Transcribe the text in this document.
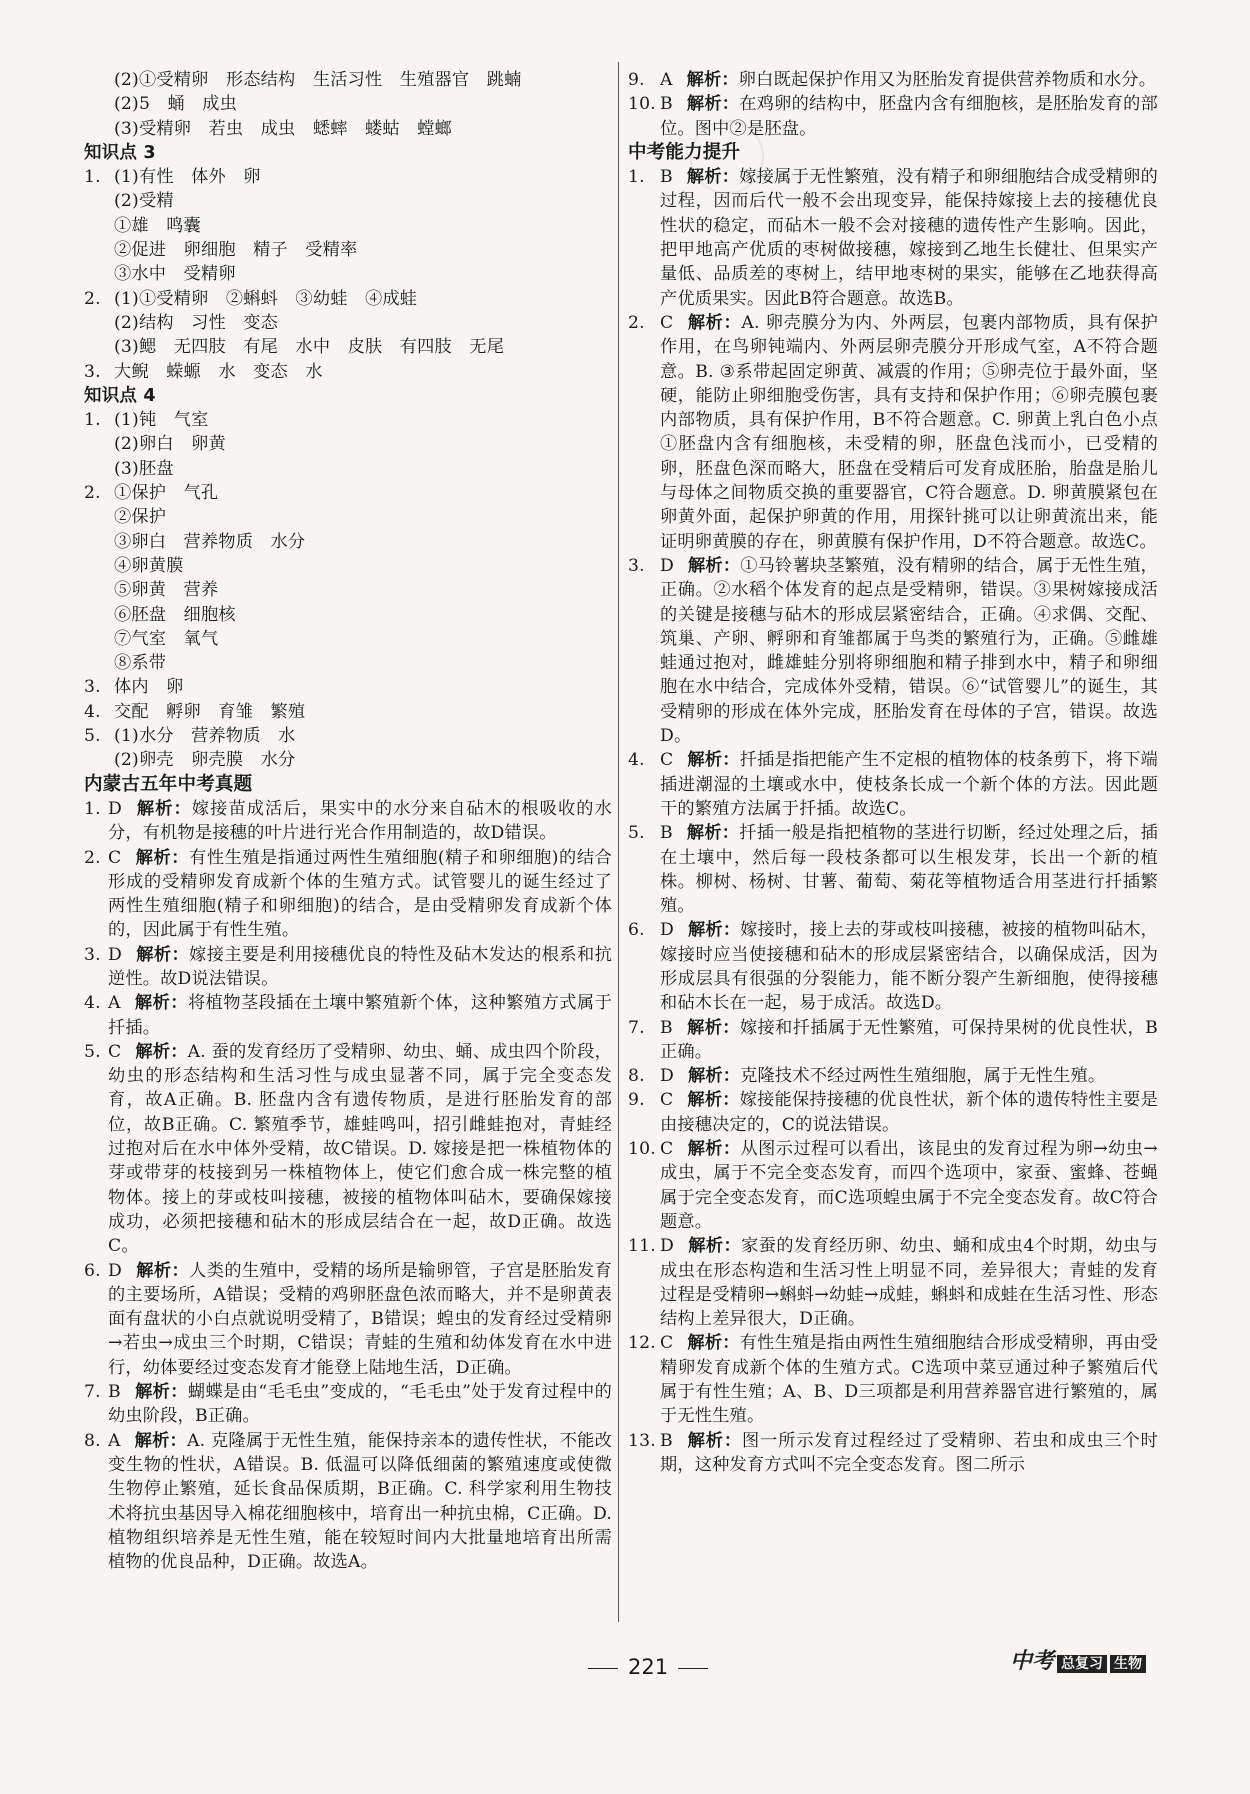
(2)①受精卵　形态结构　生活习性　生殖器官　跳蝻
(2)5　蛹　成虫
(3)受精卵　若虫　成虫　蟋蟀　蝼蛄　螳螂
知识点 3
1. (1)有性　体外　卵
(2)受精
①雄　鸣囊
②促进　卵细胞　精子　受精率
③水中　受精卵
2. (1)①受精卵　②蝌蚪　③幼蛙　④成蛙
(2)结构　习性　变态
(3)鳃　无四肢　有尾　水中　皮肤　有四肢　无尾
3. 大鲵　蝾螈　水　变态　水
知识点 4
1. (1)钝　气室
(2)卵白　卵黄
(3)胚盘
2. ①保护　气孔
②保护
③卵白　营养物质　水分
④卵黄膜
⑤卵黄　营养
⑥胚盘　细胞核
⑦气室　氧气
⑧系带
3. 体内　卵
4. 交配　孵卵　育雏　繁殖
5. (1)水分　营养物质　水
(2)卵壳　卵壳膜　水分
内蒙古五年中考真题
1. D 解析：嫁接苗成活后，果实中的水分来自砧木的根吸收的水分，有机物是接穗的叶片进行光合作用制造的，故D错误。
2. C 解析：有性生殖是指通过两性生殖细胞(精子和卵细胞)的结合形成的受精卵发育成新个体的生殖方式。试管婴儿的诞生经过了两性生殖细胞(精子和卵细胞)的结合，是由受精卵发育成新个体的，因此属于有性生殖。
3. D 解析：嫁接主要是利用接穗优良的特性及砧木发达的根系和抗逆性。故D说法错误。
4. A 解析：将植物茎段插在土壤中繁殖新个体，这种繁殖方式属于扦插。
5. C 解析：A. 蚕的发育经历了受精卵、幼虫、蛹、成虫四个阶段，幼虫的形态结构和生活习性与成虫显著不同，属于完全变态发育，故A正确。B. 胚盘内含有遗传物质，是进行胚胎发育的部位，故B正确。C. 繁殖季节，雄蛙鸣叫，招引雌蛙抱对，青蛙经过抱对后在水中体外受精，故C错误。D. 嫁接是把一株植物体的芽或带芽的枝接到另一株植物体上，使它们愈合成一株完整的植物体。接上的芽或枝叫接穗，被接的植物体叫砧木，要确保嫁接成功，必须把接穗和砧木的形成层结合在一起，故D正确。故选C。
6. D 解析：人类的生殖中，受精的场所是输卵管，子宫是胚胎发育的主要场所，A错误；受精的鸡卵胚盘色浓而略大，并不是卵黄表面有盘状的小白点就说明受精了，B错误；蝗虫的发育经过受精卵→若虫→成虫三个时期，C错误；青蛙的生殖和幼体发育在水中进行，幼体要经过变态发育才能登上陆地生活，D正确。
7. B 解析：蝴蝶是由“毛毛虫”变成的，“毛毛虫”处于发育过程中的幼虫阶段，B正确。
8. A 解析：A. 克隆属于无性生殖，能保持亲本的遗传性状，不能改变生物的性状，A错误。B. 低温可以降低细菌的繁殖速度或使微生物停止繁殖，延长食品保质期，B正确。C. 科学家利用生物技术将抗虫基因导入棉花细胞核中，培育出一种抗虫棉，C正确。D. 植物组织培养是无性生殖，能在较短时间内大批量地培育出所需植物的优良品种，D正确。故选A。
9. A 解析：卵白既起保护作用又为胚胎发育提供营养物质和水分。
10. B 解析：在鸡卵的结构中，胚盘内含有细胞核，是胚胎发育的部位。图中②是胚盘。
中考能力提升
1. B 解析：嫁接属于无性繁殖，没有精子和卵细胞结合成受精卵的过程，因而后代一般不会出现变异，能保持嫁接上去的接穗优良性状的稳定，而砧木一般不会对接穗的遗传性产生影响。因此，把甲地高产优质的枣树做接穗，嫁接到乙地生长健壮、但果实产量低、品质差的枣树上，结甲地枣树的果实，能够在乙地获得高产优质果实。因此B符合题意。故选B。
2. C 解析：A. 卵壳膜分为内、外两层，包裹内部物质，具有保护作用，在鸟卵钝端内、外两层卵壳膜分开形成气室，A不符合题意。B. ③系带起固定卵黄、减震的作用；⑤卵壳位于最外面，坚硬，能防止卵细胞受伤害，具有支持和保护作用；⑥卵壳膜包裹内部物质，具有保护作用，B不符合题意。C. 卵黄上乳白色小点①胚盘内含有细胞核，未受精的卵，胚盘色浅而小，已受精的卵，胚盘色深而略大，胚盘在受精后可发育成胚胎，胎盘是胎儿与母体之间物质交换的重要器官，C符合题意。D. 卵黄膜紧包在卵黄外面，起保护卵黄的作用，用探针挑可以让卵黄流出来，能证明卵黄膜的存在，卵黄膜有保护作用，D不符合题意。故选C。
3. D 解析：①马铃薯块茎繁殖，没有精卵的结合，属于无性生殖，正确。②水稻个体发育的起点是受精卵，错误。③果树嫁接成活的关键是接穗与砧木的形成层紧密结合，正确。④求偶、交配、筑巢、产卵、孵卵和育雏都属于鸟类的繁殖行为，正确。⑤雌雄蛙通过抱对，雌雄蛙分别将卵细胞和精子排到水中，精子和卵细胞在水中结合，完成体外受精，错误。⑥“试管婴儿”的诞生，其受精卵的形成在体外完成，胚胎发育在母体的子宫，错误。故选D。
4. C 解析：扦插是指把能产生不定根的植物体的枝条剪下，将下端插进潮湿的土壤或水中，使枝条长成一个新个体的方法。因此题干的繁殖方法属于扦插。故选C。
5. B 解析：扦插一般是指把植物的茎进行切断，经过处理之后，插在土壤中，然后每一段枝条都可以生根发芽，长出一个新的植株。柳树、杨树、甘薯、葡萄、菊花等植物适合用茎进行扦插繁殖。
6. D 解析：嫁接时，接上去的芽或枝叫接穗，被接的植物叫砧木，嫁接时应当使接穗和砧木的形成层紧密结合，以确保成活，因为形成层具有很强的分裂能力，能不断分裂产生新细胞，使得接穗和砧木长在一起，易于成活。故选D。
7. B 解析：嫁接和扦插属于无性繁殖，可保持果树的优良性状，B正确。
8. D 解析：克隆技术不经过两性生殖细胞，属于无性生殖。
9. C 解析：嫁接能保持接穗的优良性状，新个体的遗传特性主要是由接穗决定的，C的说法错误。
10. C 解析：从图示过程可以看出，该昆虫的发育过程为卵→幼虫→成虫，属于不完全变态发育，而四个选项中，家蚕、蜜蜂、苍蝇属于完全变态发育，而C选项蝗虫属于不完全变态发育。故C符合题意。
11. D 解析：家蚕的发育经历卵、幼虫、蛹和成虫4个时期，幼虫与成虫在形态构造和生活习性上明显不同，差异很大；青蛙的发育过程是受精卵→蝌蚪→幼蛙→成蛙，蝌蚪和成蛙在生活习性、形态结构上差异很大，D正确。
12. C 解析：有性生殖是指由两性生殖细胞结合形成受精卵，再由受精卵发育成新个体的生殖方式。C选项中菜豆通过种子繁殖后代属于有性生殖；A、B、D三项都是利用营养器官进行繁殖的，属于无性生殖。
13. B 解析：图一所示发育过程经过了受精卵、若虫和成虫三个时期，这种发育方式叫不完全变态发育。图二所示
221	中考 总复习 生物
